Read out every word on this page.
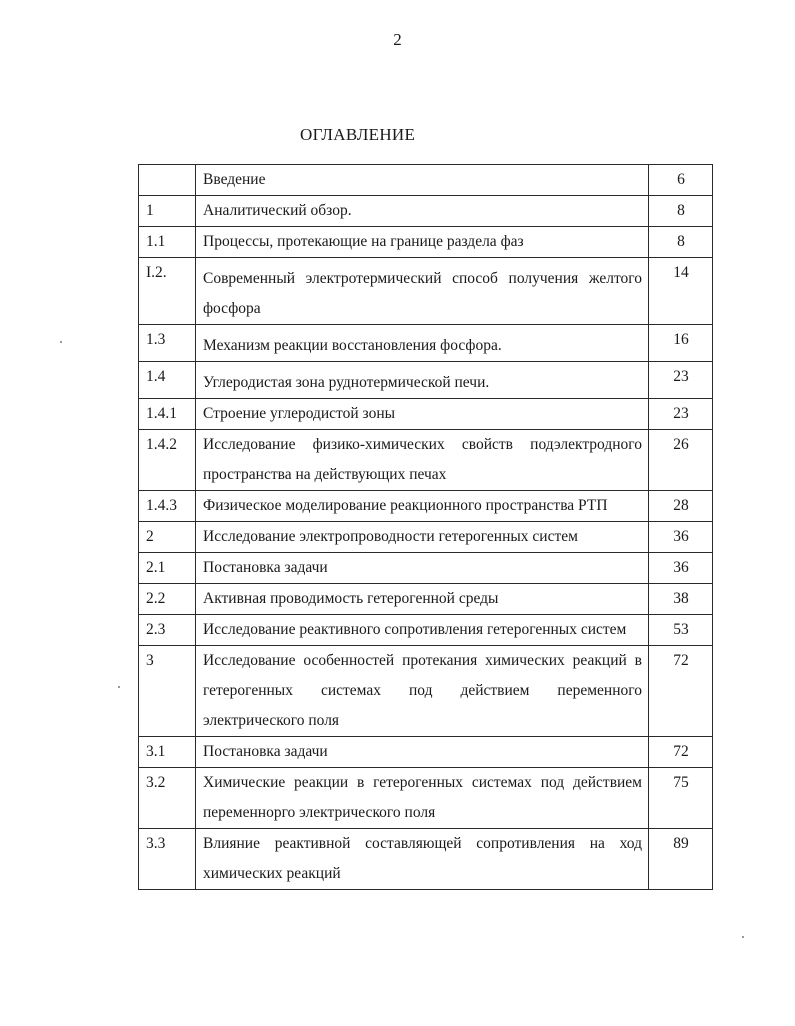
2
ОГЛАВЛЕНИЕ
	Введение	6
1	Аналитический обзор.	8
1.1	Процессы, протекающие на границе раздела фаз	8
I.2.	Современный электротермический способ получения желтого фосфора	14
1.3	Механизм реакции восстановления фосфора.	16
1.4	Углеродистая зона руднотермической печи.	23
1.4.1	Строение углеродистой зоны	23
1.4.2	Исследование физико-химических свойств подэлектродного пространства на действующих печах	26
1.4.3	Физическое моделирование реакционного пространства РТП	28
2	Исследование электропроводности гетерогенных систем	36
2.1	Постановка задачи	36
2.2	Активная проводимость гетерогенной среды	38
2.3	Исследование реактивного сопротивления гетерогенных систем	53
3	Исследование особенностей протекания химических реакций в гетерогенных системах под действием переменного электрического поля	72
3.1	Постановка задачи	72
3.2	Химические реакции в гетерогенных системах под действием переменнорго электрического поля	75
3.3	Влияние реактивной составляющей сопротивления на ход химических реакций	89
